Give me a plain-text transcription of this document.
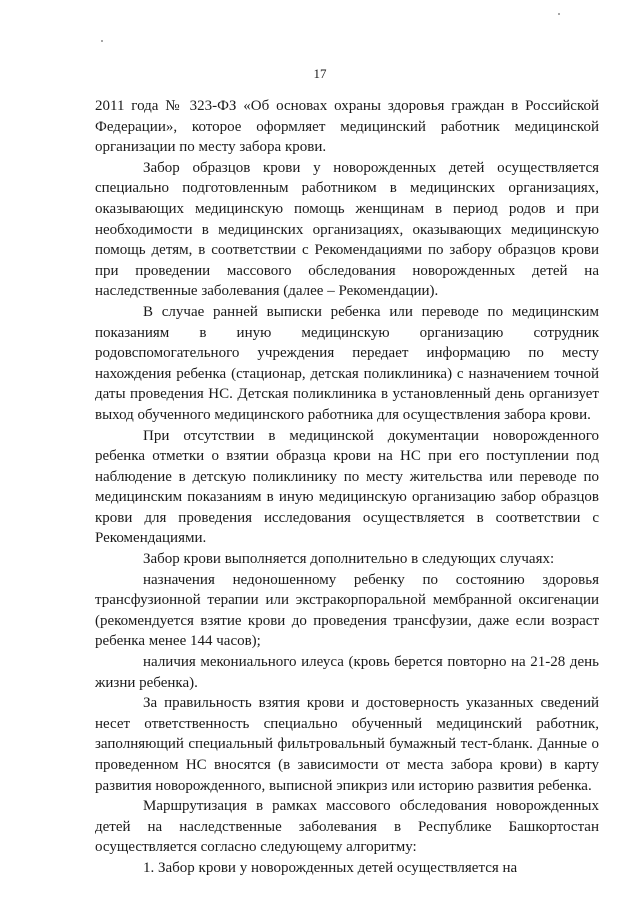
17

2011 года № 323-ФЗ «Об основах охраны здоровья граждан в Российской Федерации», которое оформляет медицинский работник медицинской организации по месту забора крови.

Забор образцов крови у новорожденных детей осуществляется специально подготовленным работником в медицинских организациях, оказывающих медицинскую помощь женщинам в период родов и при необходимости в медицинских организациях, оказывающих медицинскую помощь детям, в соответствии с Рекомендациями по забору образцов крови при проведении массового обследования новорожденных детей на наследственные заболевания (далее – Рекомендации).

В случае ранней выписки ребенка или переводе по медицинским показаниям в иную медицинскую организацию сотрудник родовспомогательного учреждения передает информацию по месту нахождения ребенка (стационар, детская поликлиника) с назначением точной даты проведения НС. Детская поликлиника в установленный день организует выход обученного медицинского работника для осуществления забора крови.

При отсутствии в медицинской документации новорожденного ребенка отметки о взятии образца крови на НС при его поступлении под наблюдение в детскую поликлинику по месту жительства или переводе по медицинским показаниям в иную медицинскую организацию забор образцов крови для проведения исследования осуществляется в соответствии с Рекомендациями.

Забор крови выполняется дополнительно в следующих случаях:

назначения недоношенному ребенку по состоянию здоровья трансфузионной терапии или экстракорпоральной мембранной оксигенации (рекомендуется взятие крови до проведения трансфузии, даже если возраст ребенка менее 144 часов);

наличия мекониального илеуса (кровь берется повторно на 21-28 день жизни ребенка).

За правильность взятия крови и достоверность указанных сведений несет ответственность специально обученный медицинский работник, заполняющий специальный фильтровальный бумажный тест-бланк. Данные о проведенном НС вносятся (в зависимости от места забора крови) в карту развития новорожденного, выписной эпикриз или историю развития ребенка.

Маршрутизация в рамках массового обследования новорожденных детей на наследственные заболевания в Республике Башкортостан осуществляется согласно следующему алгоритму:

1. Забор крови у новорожденных детей осуществляется на
